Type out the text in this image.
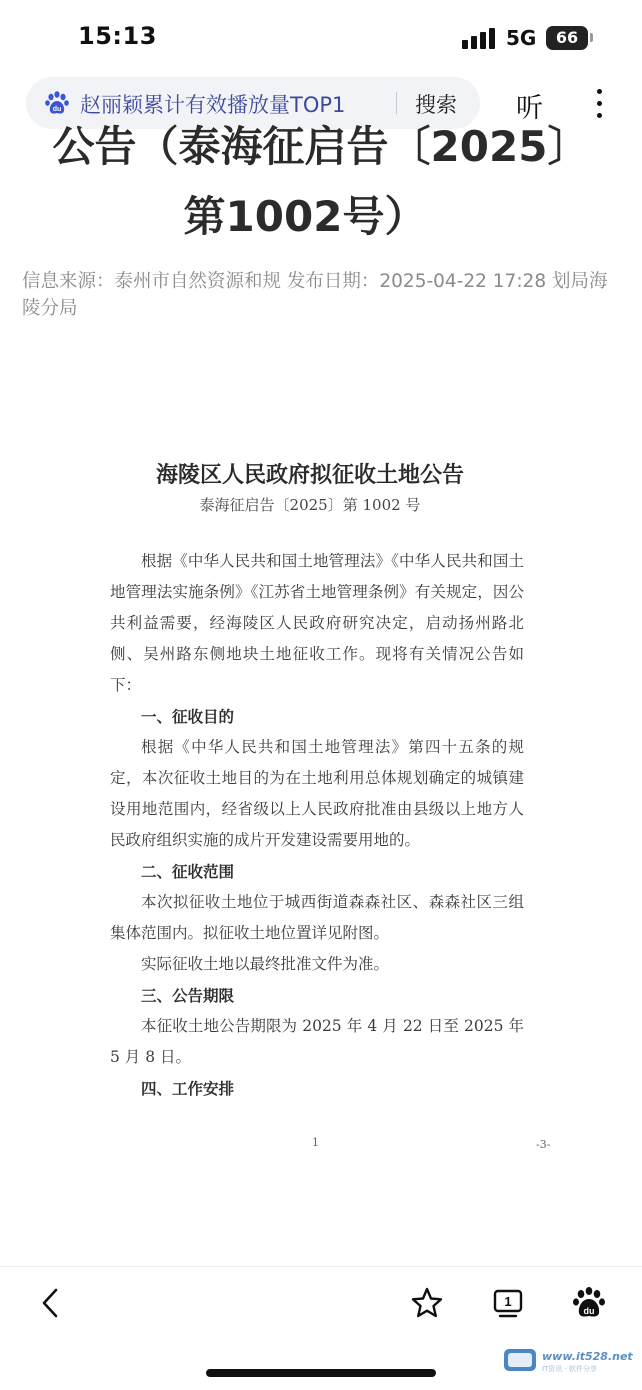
15:13	5G	66
du 赵丽颖累计有效播放量TOP1	搜索 听
公告（泰海征启告〔2025〕
第1002号）
信息来源：泰州市自然资源和规 发布日期：2025-04-22 17:28 划局海陵分局
海陵区人民政府拟征收土地公告
泰海征启告〔2025〕第 1002 号

根据《中华人民共和国土地管理法》《中华人民共和国土地管理法实施条例》《江苏省土地管理条例》有关规定，因公共利益需要，经海陵区人民政府研究决定，启动扬州路北侧、吴州路东侧地块土地征收工作。现将有关情况公告如下：

一、征收目的

根据《中华人民共和国土地管理法》第四十五条的规定，本次征收土地目的为在土地利用总体规划确定的城镇建设用地范围内，经省级以上人民政府批准由县级以上地方人民政府组织实施的成片开发建设需要用地的。

二、征收范围

本次拟征收土地位于城西街道森森社区、森森社区三组集体范围内。拟征收土地位置详见附图。

实际征收土地以最终批准文件为准。

三、公告期限

本征收土地公告期限为 2025 年 4 月 22 日至 2025 年 5 月 8 日。

四、工作安排
1	-3-
1
du
www.it528.net
IT资讯 · 软件分享
